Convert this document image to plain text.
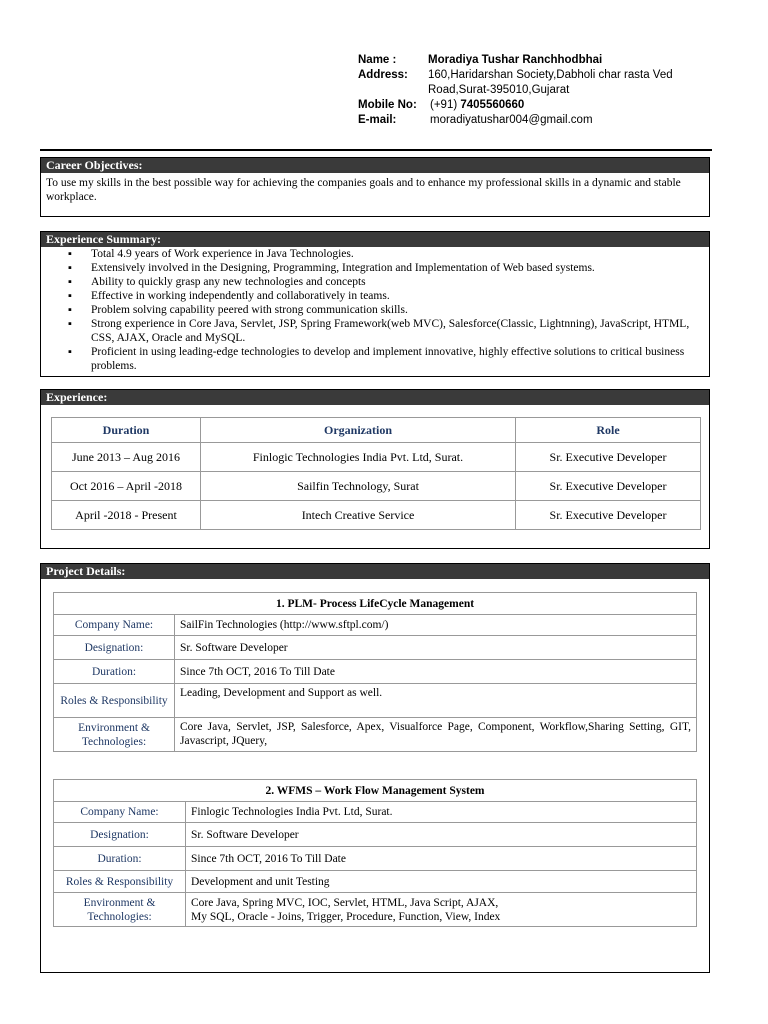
Name :	Moradiya Tushar Ranchhodbhai
Address:	160,Haridarshan Society,Dabholi char rasta Ved
Road,Surat-395010,Gujarat
Mobile No:	(+91) 7405560660
E-mail:	moradiyatushar004@gmail.com
Career Objectives:
To use my skills in the best possible way for achieving the companies goals and to enhance my professional skills in a dynamic and stable workplace.
Experience Summary:
▪ Total 4.9 years of Work experience in Java Technologies.
▪ Extensively involved in the Designing, Programming, Integration and Implementation of Web based systems.
▪ Ability to quickly grasp any new technologies and concepts
▪ Effective in working independently and collaboratively in teams.
▪ Problem solving capability peered with strong communication skills.
▪ Strong experience in Core Java, Servlet, JSP, Spring Framework(web MVC), Salesforce(Classic, Lightnning), JavaScript, HTML, CSS, AJAX, Oracle and MySQL.
▪ Proficient in using leading-edge technologies to develop and implement innovative, highly effective solutions to critical business problems.
Experience:
Duration	Organization	Role
June 2013 – Aug 2016	Finlogic Technologies India Pvt. Ltd, Surat.	Sr. Executive Developer
Oct 2016 – April -2018	Sailfin Technology, Surat	Sr. Executive Developer
April -2018 - Present	Intech Creative Service	Sr. Executive Developer
Project Details:
1. PLM- Process LifeCycle Management	
Company Name:	SailFin Technologies (http://www.sftpl.com/)
Designation:	Sr. Software Developer
Duration:	Since 7th OCT, 2016 To Till Date
Roles & Responsibility	Leading, Development and Support as well.
Environment & Technologies:	Core Java, Servlet, JSP, Salesforce, Apex, Visualforce Page, Component, Workflow,Sharing Setting, GIT, Javascript, JQuery,
2. WFMS – Work Flow Management System	
Company Name:	Finlogic Technologies India Pvt. Ltd, Surat.
Designation:	Sr. Software Developer
Duration:	Since 7th OCT, 2016 To Till Date
Roles & Responsibility	Development and unit Testing
Environment & Technologies:	Core Java, Spring MVC, IOC, Servlet, HTML, Java Script, AJAX,
My SQL, Oracle - Joins, Trigger, Procedure, Function, View, Index
